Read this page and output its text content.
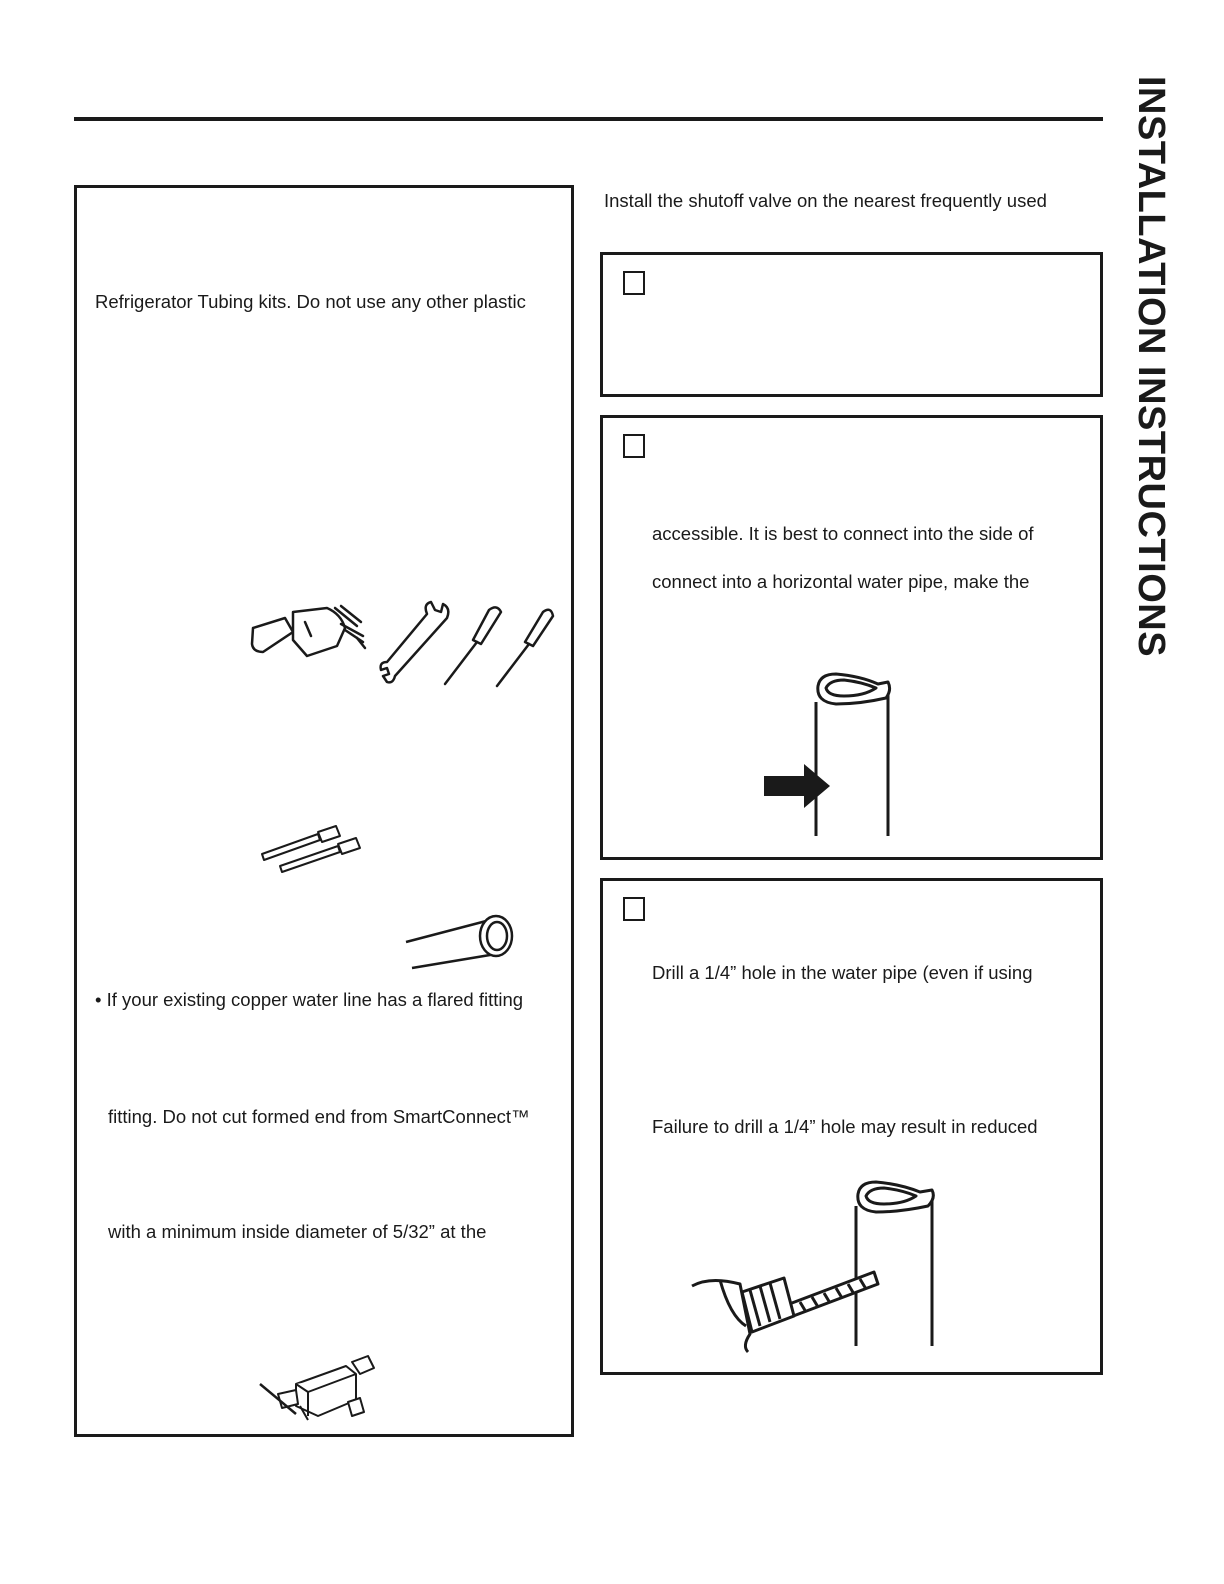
INSTALLATION INSTRUCTIONS
Refrigerator Tubing kits. Do not use any other plastic
• If your existing copper water line has a flared fitting
fitting. Do not cut formed end from SmartConnect™
with a minimum inside diameter of 5/32” at the
Install the shutoff valve on the nearest frequently used
accessible. It is best to connect into the side of
connect into a horizontal water pipe, make the
Drill a 1/4” hole in the water pipe (even if using
Failure to drill a 1/4” hole may result in reduced
